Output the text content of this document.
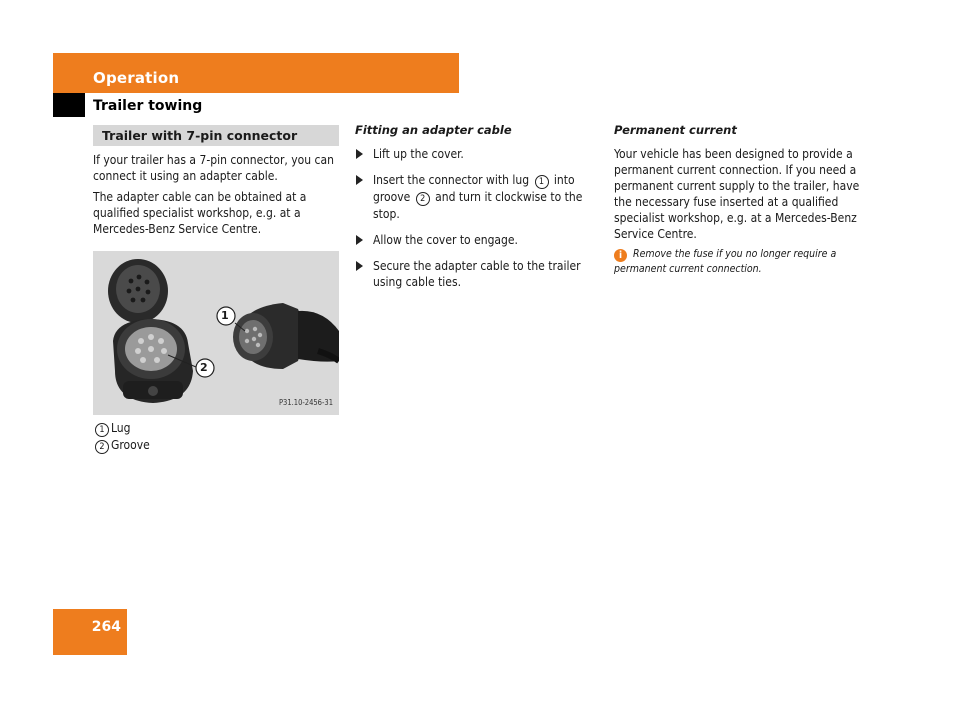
Operation
Trailer towing
Trailer with 7-pin connector

If your trailer has a 7-pin connector, you can connect it using an adapter cable.

The adapter cable can be obtained at a qualified specialist workshop, e.g. at a Mercedes-Benz Service Centre.

1
2
P31.10-2456-31
1 Lug
2 Groove
Fitting an adapter cable
Lift up the cover.
Insert the connector with lug 1 into groove 2 and turn it clockwise to the stop.
Allow the cover to engage.
Secure the adapter cable to the trailer using cable ties.
Permanent current

Your vehicle has been designed to provide a permanent current connection. If you need a permanent current supply to the trailer, have the necessary fuse inserted at a qualified specialist workshop, e.g. at a Mercedes-Benz Service Centre.

i Remove the fuse if you no longer require a permanent current connection.
264
